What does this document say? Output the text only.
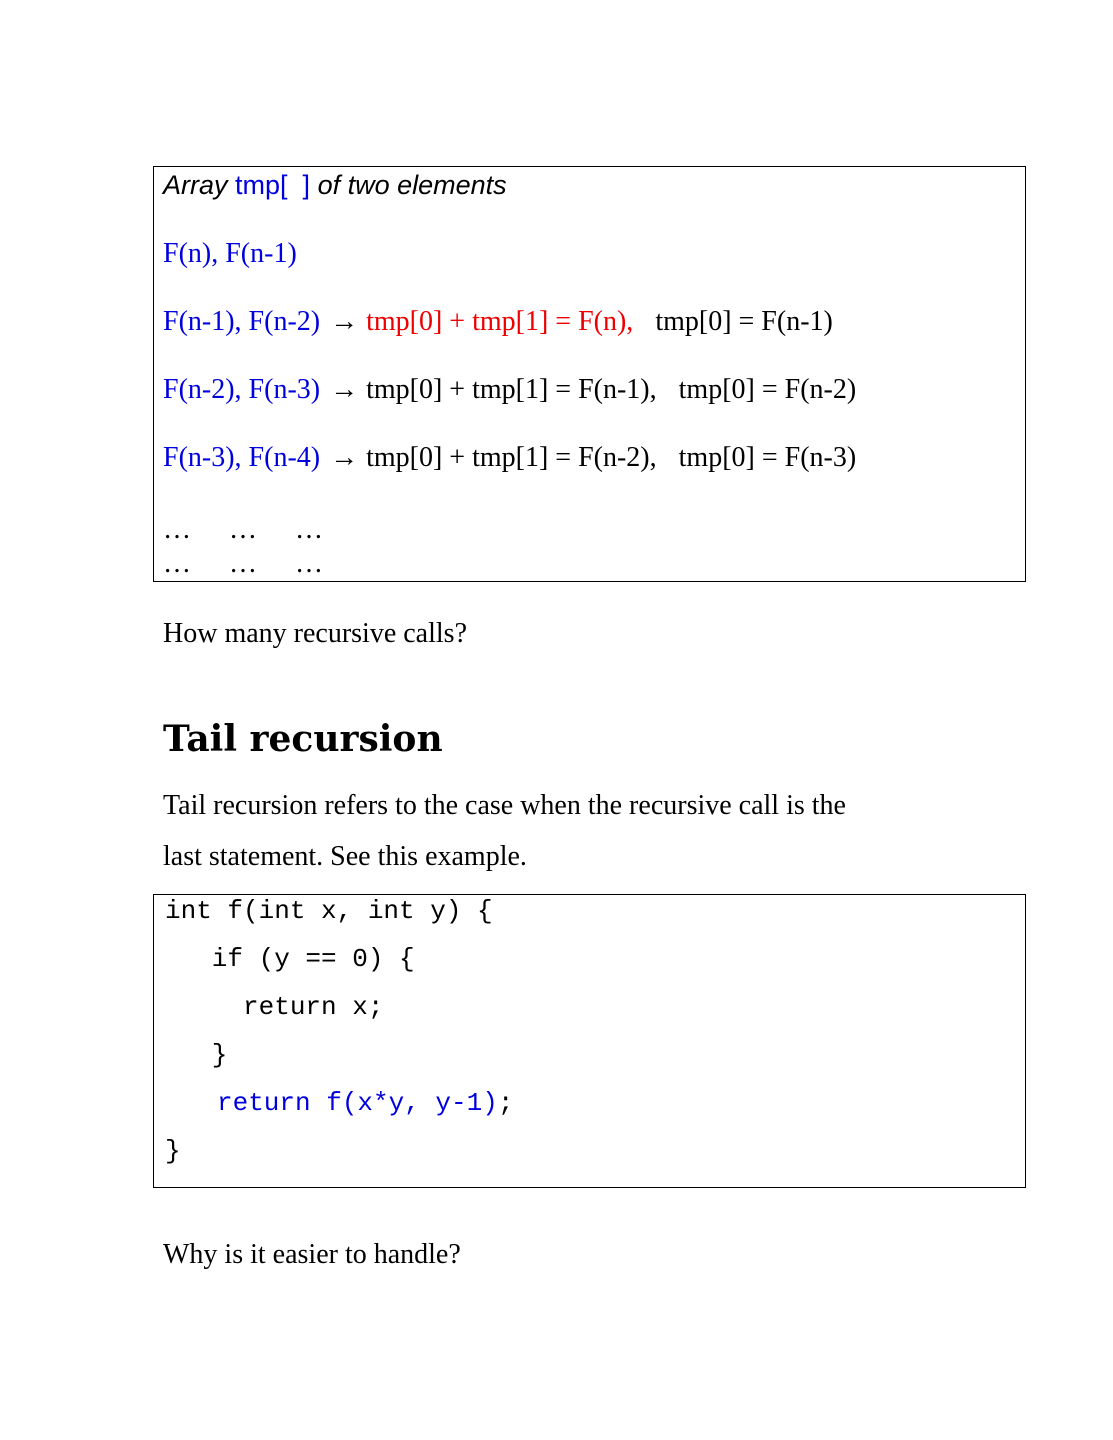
Array tmp[  ] of two elements
F(n), F(n-1)
F(n-1), F(n-2) → tmp[0] + tmp[1] = F(n), tmp[0] = F(n-1)
F(n-2), F(n-3) → tmp[0] + tmp[1] = F(n-1), tmp[0] = F(n-2)
F(n-3), F(n-4) → tmp[0] + tmp[1] = F(n-2), tmp[0] = F(n-3)
… … …
… … …
How many recursive calls?
Tail recursion
Tail recursion refers to the case when the recursive call is the
last statement. See this example.
int f(int x, int y) {
if (y == 0) {
return x;
}
return f(x*y, y-1);
}
Why is it easier to handle?
